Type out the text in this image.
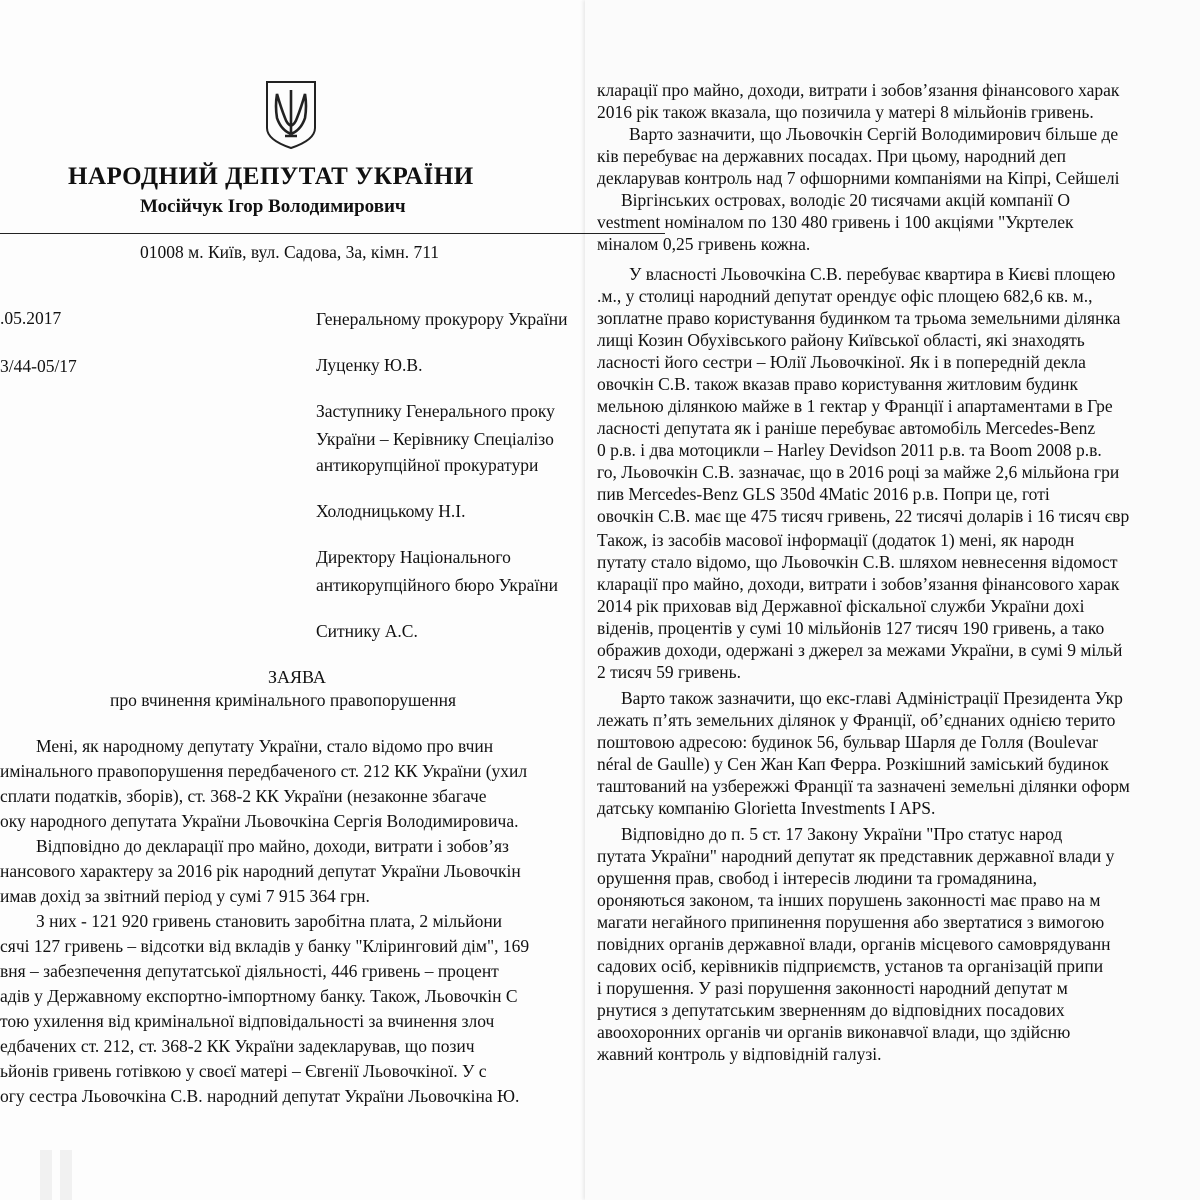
НАРОДНИЙ ДЕПУТАТ УКРАЇНИ
Мосійчук Ігор Володимирович
01008 м. Київ, вул. Садова, 3а, кімн. 711
.05.2017
3/44-05/17
Генеральному прокурору України
Луценку Ю.В.
Заступнику Генерального проку
України – Керівнику Спеціалізо
антикорупційної прокуратури
Холодницькому Н.І.
Директору Національного
антикорупційного бюро України
Ситнику А.С.
ЗАЯВА
про вчинення кримінального правопорушення
Мені, як народному депутату України, стало відомо про вчин
имінального правопорушення передбаченого ст. 212 КК України (ухил
сплати податків, зборів), ст. 368-2 КК України (незаконне збагаче
оку народного депутата України Льовочкіна Сергія Володимировича.
Відповідно до декларації про майно, доходи, витрати і зобов’яз
нансового характеру за 2016 рік народний депутат України Льовочкін
имав дохід за звітний період у сумі 7 915 364 грн.
З них - 121 920 гривень становить заробітна плата, 2 мільйони
сячі 127 гривень – відсотки від вкладів у банку "Кліринговий дім", 169
вня – забезпечення депутатської діяльності, 446 гривень – процент
адів у Державному експортно-імпортному банку. Також, Льовочкін С
тою ухилення від кримінальної відповідальності за вчинення злоч
едбачених ст. 212, ст. 368-2 КК України задекларував, що позич
ьйонів гривень готівкою у своєї матері – Євгенії Льовочкіної. У с
огу сестра Льовочкіна С.В. народний депутат України Льовочкіна Ю.
кларації про майно, доходи, витрати і зобов’язання фінансового харак
2016 рік також вказала, що позичила у матері 8 мільйонів гривень.
Варто зазначити, що Льовочкін Сергій Володимирович більше де
ків перебуває на державних посадах. При цьому, народний деп
декларував контроль над 7 офшорними компаніями на Кіпрі, Сейшелі
Віргінських островах, володіє 20 тисячами акцій компанії О
vestment номіналом по 130 480 гривень і 100 акціями "Укртелек
міналом 0,25 гривень кожна.
У власності Льовочкіна С.В. перебуває квартира в Києві площею
.м., у столиці народний депутат орендує офіс площею 682,6 кв. м.,
зоплатне право користування будинком та трьома земельними ділянка
лищі Козин Обухівського району Київської області, які знаходять
ласності його сестри – Юлії Льовочкіної. Як і в попередній декла
овочкін С.В. також вказав право користування житловим будинк
мельною ділянкою майже в 1 гектар у Франції і апартаментами в Гре
ласності депутата як і раніше перебуває автомобіль Mercedes-Benz
0 р.в. і два мотоцикли – Harley Devidson 2011 р.в. та Boom 2008 р.в.
го, Льовочкін С.В. зазначає, що в 2016 році за майже 2,6 мільйона гри
пив Mercedes-Benz GLS 350d 4Matic 2016 р.в. Попри це, готі
овочкін С.В. має ще 475 тисяч гривень, 22 тисячі доларів і 16 тисяч євр
Також, із засобів масової інформації (додаток 1) мені, як народн
путату стало відомо, що Льовочкін С.В. шляхом невнесення відомост
кларації про майно, доходи, витрати і зобов’язання фінансового харак
2014 рік приховав від Державної фіскальної служби України дохі
віденів, процентів у сумі 10 мільйонів 127 тисяч 190 гривень, а тако
ображив доходи, одержані з джерел за межами України, в сумі 9 мільй
2 тисяч 59 гривень.
Варто також зазначити, що екс-главі Адміністрації Президента Укр
лежать п’ять земельних ділянок у Франції, об’єднаних однією терито
поштовою адресою: будинок 56, бульвар Шарля де Голля (Boulevar
néral de Gaulle) у Сен Жан Кап Ферра. Розкішний заміський будинок
таштований на узбережжі Франції та зазначені земельні ділянки оформ
датську компанію Glorietta Investments I APS.
Відповідно до п. 5 ст. 17 Закону України "Про статус народ
путата України" народний депутат як представник державної влади у
орушення прав, свобод і інтересів людини та громадянина,
ороняються законом, та інших порушень законності має право на м
магати негайного припинення порушення або звертатися з вимогою
повідних органів державної влади, органів місцевого самоврядуванн
садових осіб, керівників підприємств, установ та організацій припи
і порушення. У разі порушення законності народний депутат м
рнутися з депутатським зверненням до відповідних посадових
авоохоронних органів чи органів виконавчої влади, що здійсню
жавний контроль у відповідній галузі.
